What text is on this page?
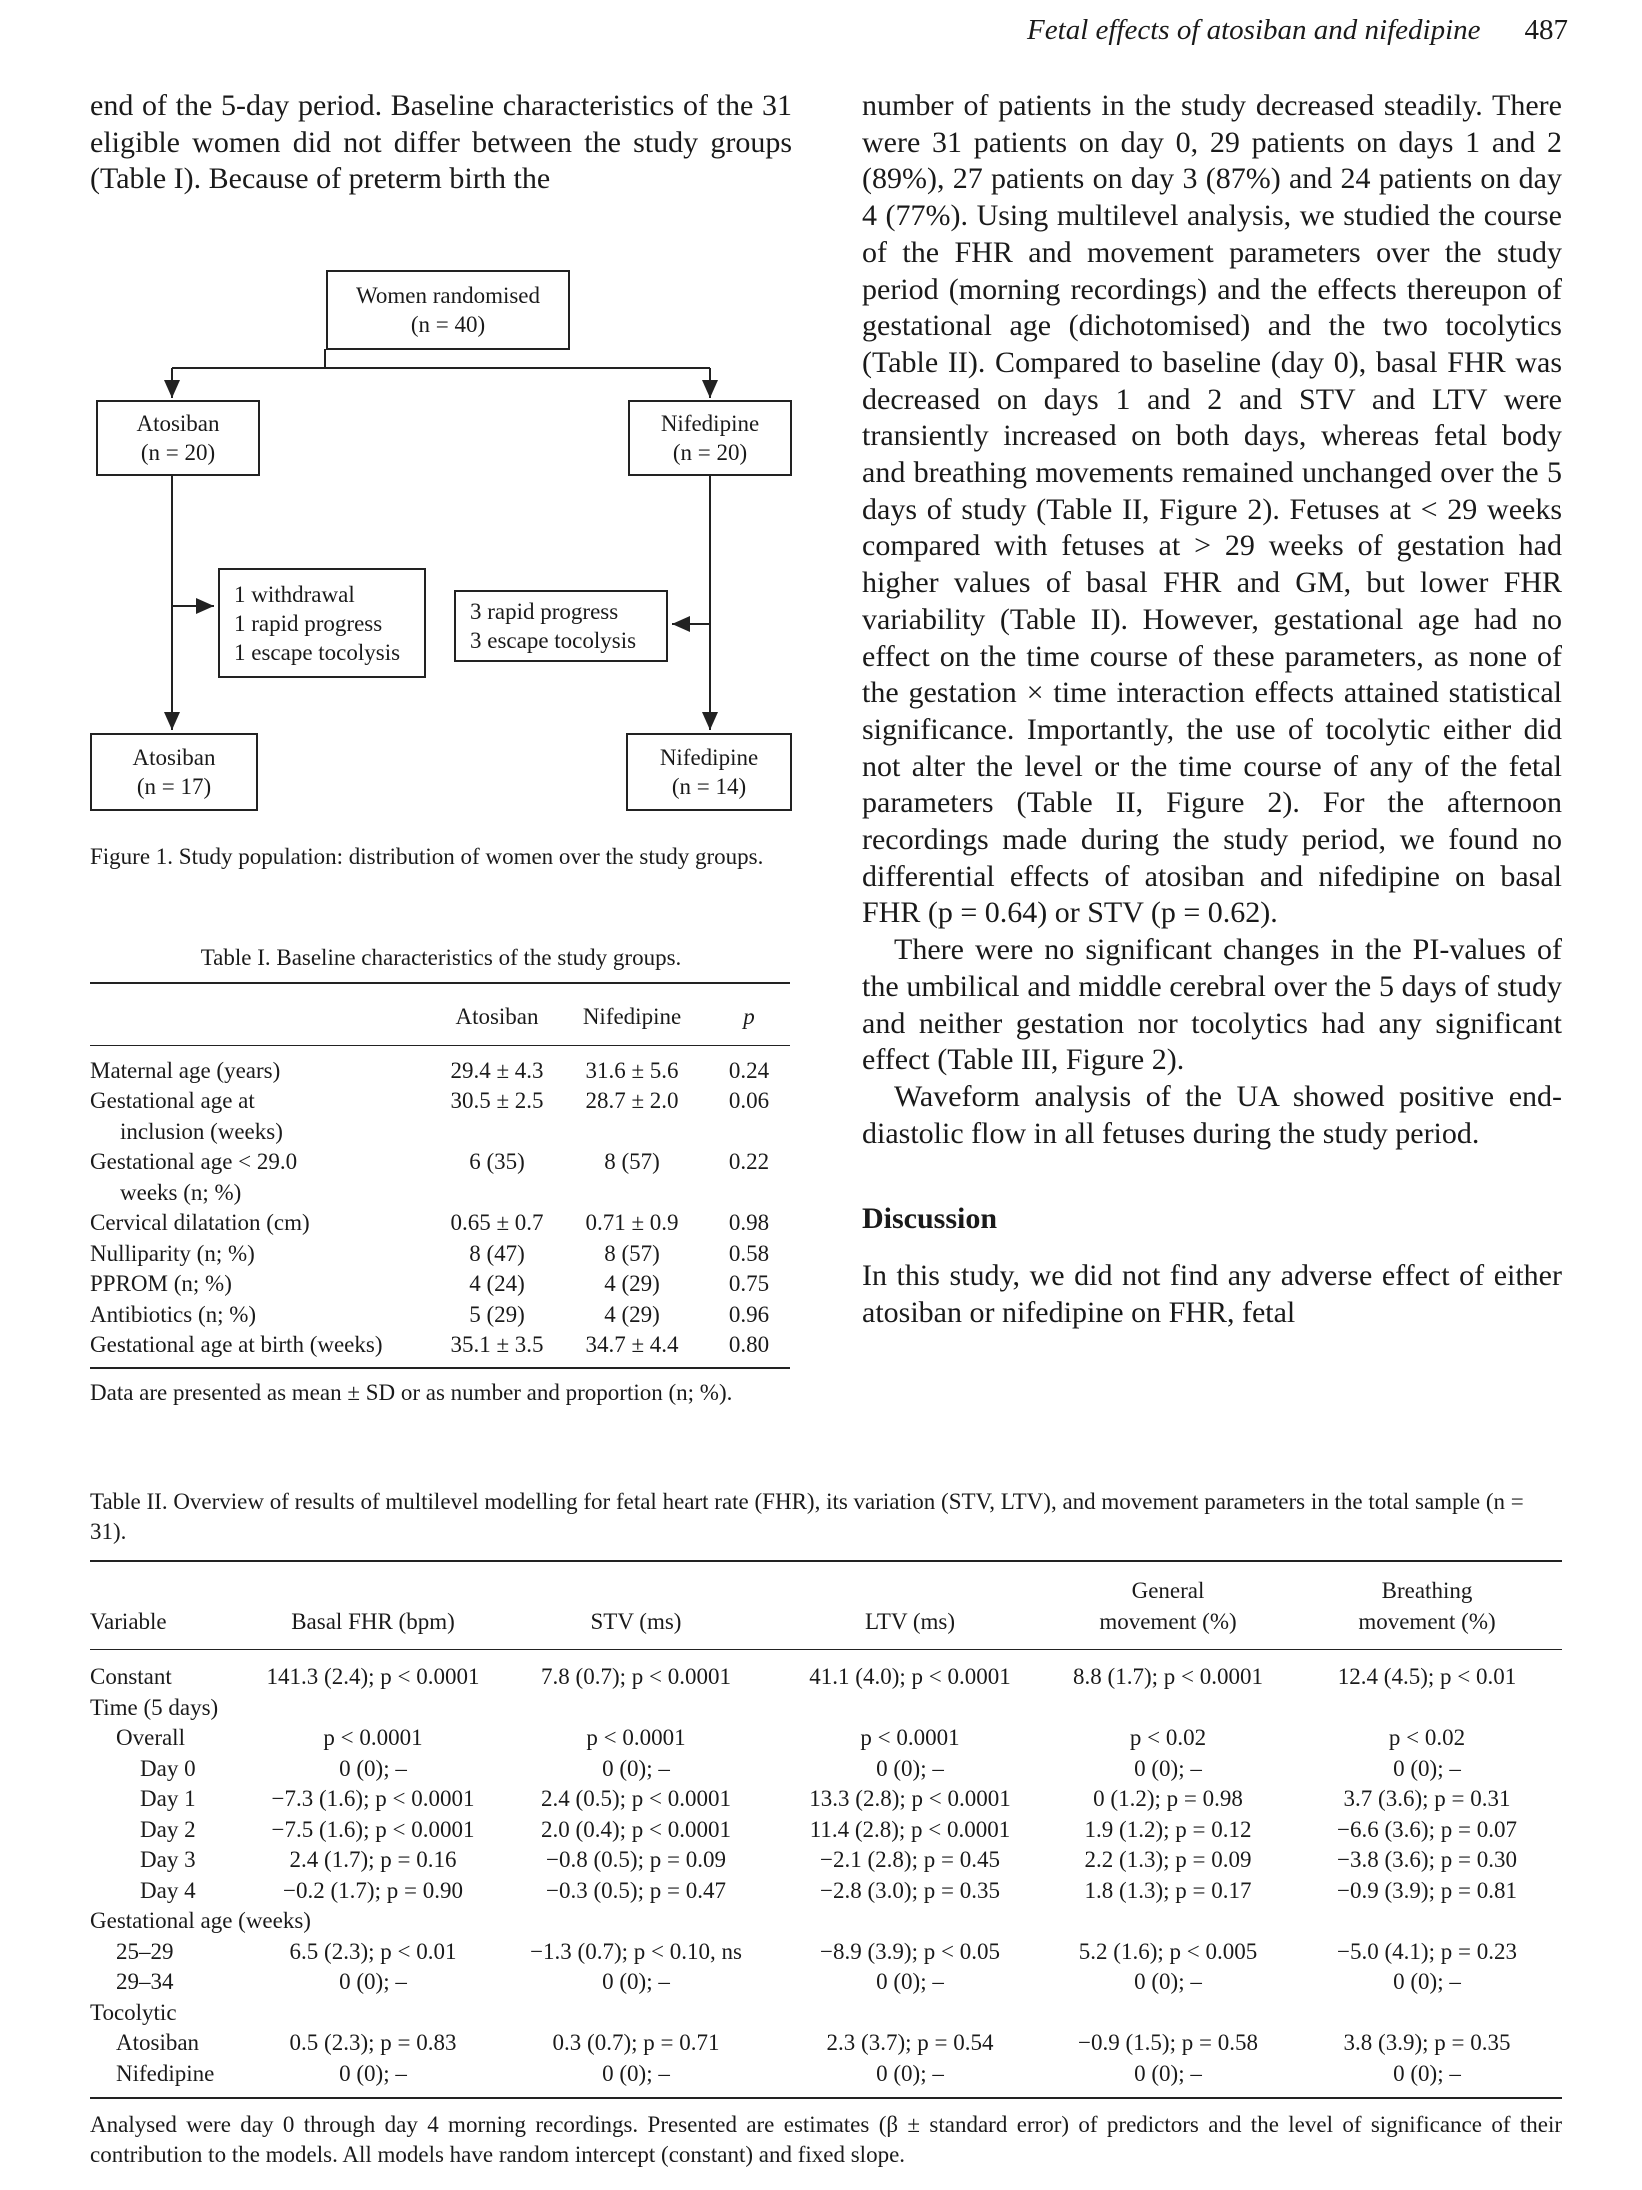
Fetal effects of atosiban and nifedipine 487

end of the 5-day period. Baseline characteristics of the 31 eligible women did not differ between the study groups (Table I). Because of preterm birth the

Women randomised
(n = 40)
Atosiban
(n = 20)
Nifedipine
(n = 20)
1 withdrawal
1 rapid progress
1 escape tocolysis
3 rapid progress
3 escape tocolysis
Atosiban
(n = 17)
Nifedipine
(n = 14)
Figure 1. Study population: distribution of women over the study groups.
Table I. Baseline characteristics of the study groups.

	Atosiban	Nifedipine	p

Maternal age (years)	29.4 ± 4.3	31.6 ± 5.6	0.24
Gestational age at	30.5 ± 2.5	28.7 ± 2.0	0.06
inclusion (weeks)			
Gestational age < 29.0	6 (35)	8 (57)	0.22
weeks (n; %)			
Cervical dilatation (cm)	0.65 ± 0.7	0.71 ± 0.9	0.98
Nulliparity (n; %)	8 (47)	8 (57)	0.58
PPROM (n; %)	4 (24)	4 (29)	0.75
Antibiotics (n; %)	5 (29)	4 (29)	0.96
Gestational age at birth (weeks)	35.1 ± 3.5	34.7 ± 4.4	0.80

Data are presented as mean ± SD or as number and proportion (n; %).

number of patients in the study decreased steadily. There were 31 patients on day 0, 29 patients on days 1 and 2 (89%), 27 patients on day 3 (87%) and 24 patients on day 4 (77%). Using multilevel analysis, we studied the course of the FHR and movement parameters over the study period (morning recordings) and the effects thereupon of gestational age (dichotomised) and the two tocolytics (Table II). Compared to baseline (day 0), basal FHR was decreased on days 1 and 2 and STV and LTV were transiently increased on both days, whereas fetal body and breathing movements remained unchanged over the 5 days of study (Table II, Figure 2). Fetuses at < 29 weeks compared with fetuses at > 29 weeks of gestation had higher values of basal FHR and GM, but lower FHR variability (Table II). However, gestational age had no effect on the time course of these parameters, as none of the gestation × time interaction effects attained statistical significance. Importantly, the use of tocolytic either did not alter the level or the time course of any of the fetal parameters (Table II, Figure 2). For the afternoon recordings made during the study period, we found no differential effects of atosiban and nifedipine on basal FHR (p = 0.64) or STV (p = 0.62).

There were no significant changes in the PI-values of the umbilical and middle cerebral over the 5 days of study and neither gestation nor tocolytics had any significant effect (Table III, Figure 2).

Waveform analysis of the UA showed positive end-diastolic flow in all fetuses during the study period.

Discussion

In this study, we did not find any adverse effect of either atosiban or nifedipine on FHR, fetal

Table II. Overview of results of multilevel modelling for fetal heart rate (FHR), its variation (STV, LTV), and movement parameters in the total sample (n = 31).

				General	Breathing
Variable	Basal FHR (bpm)	STV (ms)	LTV (ms)	movement (%)	movement (%)

Constant	141.3 (2.4); p < 0.0001	7.8 (0.7); p < 0.0001	41.1 (4.0); p < 0.0001	8.8 (1.7); p < 0.0001	12.4 (4.5); p < 0.01
Time (5 days)					
Overall	p < 0.0001	p < 0.0001	p < 0.0001	p < 0.02	p < 0.02
Day 0	0 (0); –	0 (0); –	0 (0); –	0 (0); –	0 (0); –
Day 1	−7.3 (1.6); p < 0.0001	2.4 (0.5); p < 0.0001	13.3 (2.8); p < 0.0001	0 (1.2); p = 0.98	3.7 (3.6); p = 0.31
Day 2	−7.5 (1.6); p < 0.0001	2.0 (0.4); p < 0.0001	11.4 (2.8); p < 0.0001	1.9 (1.2); p = 0.12	−6.6 (3.6); p = 0.07
Day 3	2.4 (1.7); p = 0.16	−0.8 (0.5); p = 0.09	−2.1 (2.8); p = 0.45	2.2 (1.3); p = 0.09	−3.8 (3.6); p = 0.30
Day 4	−0.2 (1.7); p = 0.90	−0.3 (0.5); p = 0.47	−2.8 (3.0); p = 0.35	1.8 (1.3); p = 0.17	−0.9 (3.9); p = 0.81
Gestational age (weeks)					
25–29	6.5 (2.3); p < 0.01	−1.3 (0.7); p < 0.10, ns	−8.9 (3.9); p < 0.05	5.2 (1.6); p < 0.005	−5.0 (4.1); p = 0.23
29–34	0 (0); –	0 (0); –	0 (0); –	0 (0); –	0 (0); –
Tocolytic					
Atosiban	0.5 (2.3); p = 0.83	0.3 (0.7); p = 0.71	2.3 (3.7); p = 0.54	−0.9 (1.5); p = 0.58	3.8 (3.9); p = 0.35
Nifedipine	0 (0); –	0 (0); –	0 (0); –	0 (0); –	0 (0); –

Analysed were day 0 through day 4 morning recordings. Presented are estimates (β ± standard error) of predictors and the level of significance of their contribution to the models. All models have random intercept (constant) and fixed slope.
